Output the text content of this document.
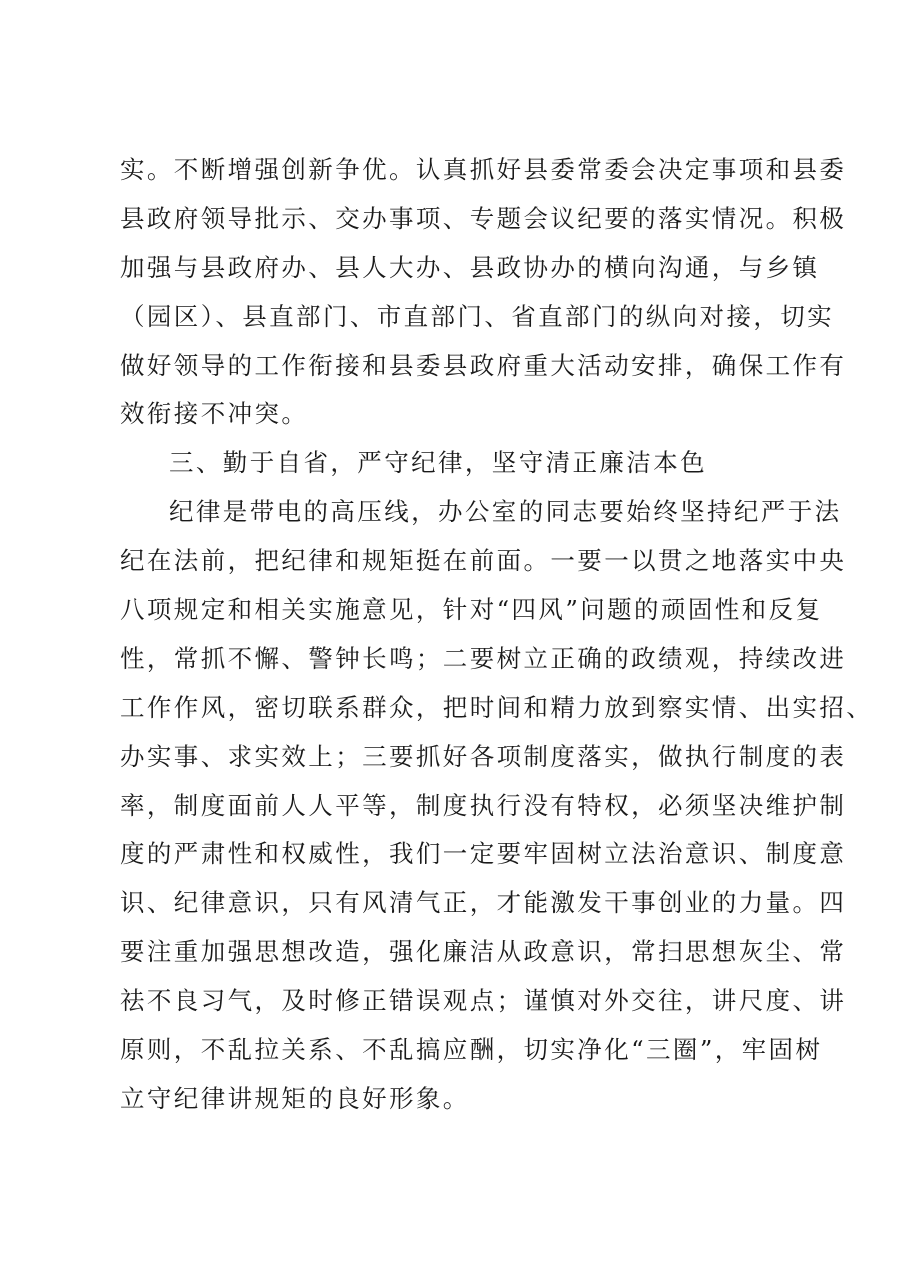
实。不断增强创新争优。认真抓好县委常委会决定事项和县委
县政府领导批示、交办事项、专题会议纪要的落实情况。积极
加强与县政府办、县人大办、县政协办的横向沟通，与乡镇
（园区）、县直部门、市直部门、省直部门的纵向对接，切实
做好领导的工作衔接和县委县政府重大活动安排，确保工作有
效衔接不冲突。
三、勤于自省，严守纪律，坚守清正廉洁本色
纪律是带电的高压线，办公室的同志要始终坚持纪严于法
纪在法前，把纪律和规矩挺在前面。一要一以贯之地落实中央
八项规定和相关实施意见，针对“四风”问题的顽固性和反复
性，常抓不懈、警钟长鸣；二要树立正确的政绩观，持续改进
工作作风，密切联系群众，把时间和精力放到察实情、出实招、
办实事、求实效上；三要抓好各项制度落实，做执行制度的表
率，制度面前人人平等，制度执行没有特权，必须坚决维护制
度的严肃性和权威性，我们一定要牢固树立法治意识、制度意
识、纪律意识，只有风清气正，才能激发干事创业的力量。四
要注重加强思想改造，强化廉洁从政意识，常扫思想灰尘、常
祛不良习气，及时修正错误观点；谨慎对外交往，讲尺度、讲
原则，不乱拉关系、不乱搞应酬，切实净化“三圈”，牢固树
立守纪律讲规矩的良好形象。
